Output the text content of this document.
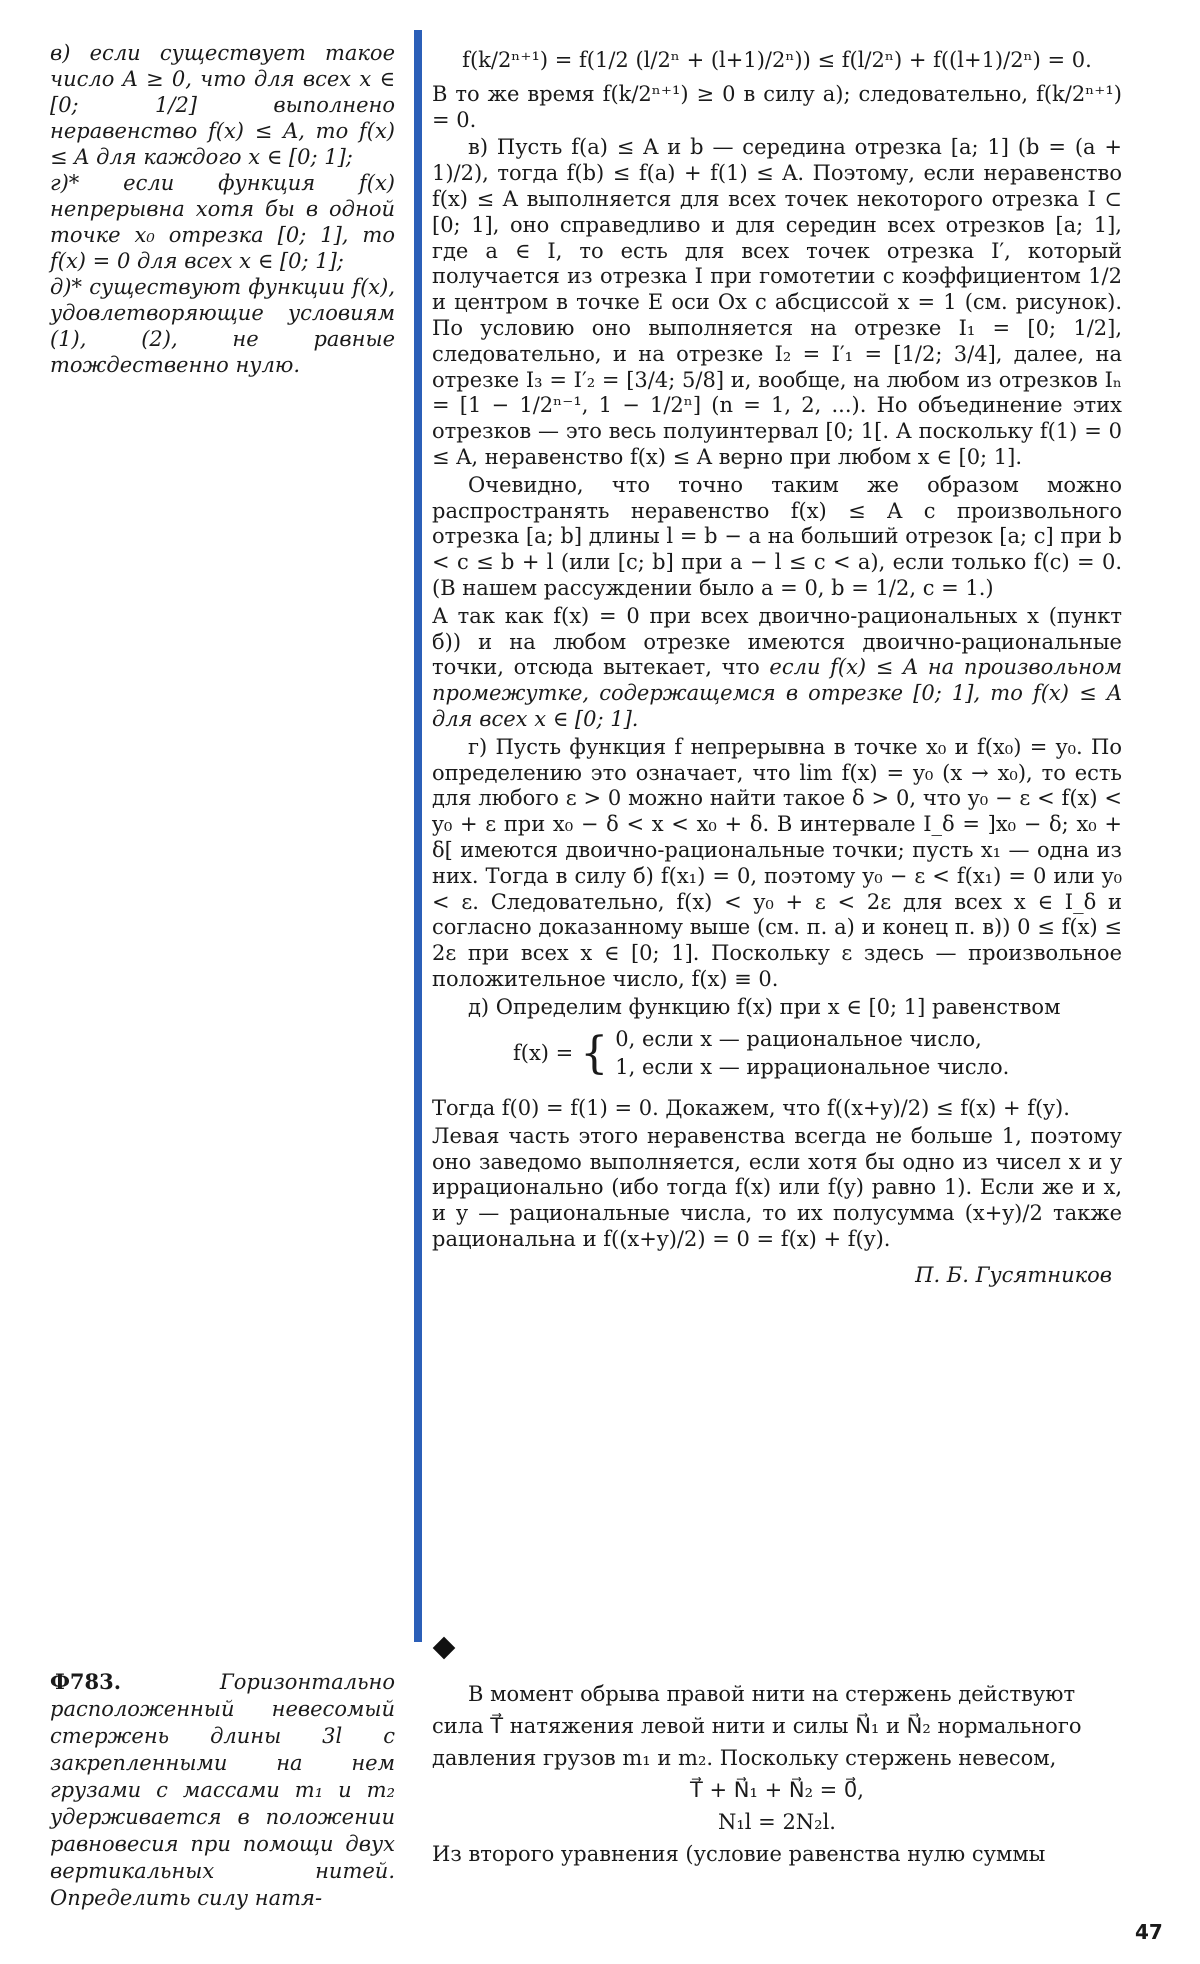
в) если существует такое число A ≥ 0, что для всех x ∈ [0; 1/2] выполнено неравенство f(x) ≤ A, то f(x) ≤ A для каждого x ∈ [0; 1];

г)* если функция f(x) непрерывна хотя бы в одной точке x₀ отрезка [0; 1], то f(x) = 0 для всех x ∈ [0; 1];

д)* существуют функции f(x), удовлетворяющие условиям (1), (2), не равные тождественно нулю.

f(k/2ⁿ⁺¹) = f(1/2 (l/2ⁿ + (l+1)/2ⁿ)) ≤ f(l/2ⁿ) + f((l+1)/2ⁿ) = 0.

В то же время f(k/2ⁿ⁺¹) ≥ 0 в силу а); следовательно, f(k/2ⁿ⁺¹) = 0.

в) Пусть f(a) ≤ A и b — середина отрезка [a; 1] (b = (a + 1)/2), тогда f(b) ≤ f(a) + f(1) ≤ A. Поэтому, если неравенство f(x) ≤ A выполняется для всех точек некоторого отрезка I ⊂ [0; 1], оно справедливо и для середин всех отрезков [a; 1], где a ∈ I, то есть для всех точек отрезка I′, который получается из отрезка I при гомотетии с коэффициентом 1/2 и центром в точке E оси Ox с абсциссой x = 1 (см. рисунок). По условию оно выполняется на отрезке I₁ = [0; 1/2], следовательно, и на отрезке I₂ = I′₁ = [1/2; 3/4], далее, на отрезке I₃ = I′₂ = [3/4; 5/8] и, вообще, на любом из отрезков Iₙ = [1 − 1/2ⁿ⁻¹, 1 − 1/2ⁿ] (n = 1, 2, ...). Но объединение этих отрезков — это весь полуинтервал [0; 1[. А поскольку f(1) = 0 ≤ A, неравенство f(x) ≤ A верно при любом x ∈ [0; 1].

Очевидно, что точно таким же образом можно распространять неравенство f(x) ≤ A с произвольного отрезка [a; b] длины l = b − a на больший отрезок [a; c] при b < c ≤ b + l (или [c; b] при a − l ≤ c < a), если только f(c) = 0. (В нашем рассуждении было a = 0, b = 1/2, c = 1.)

А так как f(x) = 0 при всех двоично-рациональных x (пункт б)) и на любом отрезке имеются двоично-рациональные точки, отсюда вытекает, что если f(x) ≤ A на произвольном промежутке, содержащемся в отрезке [0; 1], то f(x) ≤ A для всех x ∈ [0; 1].

г) Пусть функция f непрерывна в точке x₀ и f(x₀) = y₀. По определению это означает, что lim f(x) = y₀ (x → x₀), то есть для любого ε > 0 можно найти такое δ > 0, что y₀ − ε < f(x) < y₀ + ε при x₀ − δ < x < x₀ + δ. В интервале I_δ = ]x₀ − δ; x₀ + δ[ имеются двоично-рациональные точки; пусть x₁ — одна из них. Тогда в силу б) f(x₁) = 0, поэтому y₀ − ε < f(x₁) = 0 или y₀ < ε. Следовательно, f(x) < y₀ + ε < 2ε для всех x ∈ I_δ и согласно доказанному выше (см. п. а) и конец п. в)) 0 ≤ f(x) ≤ 2ε при всех x ∈ [0; 1]. Поскольку ε здесь — произвольное положительное число, f(x) ≡ 0.

д) Определим функцию f(x) при x ∈ [0; 1] равенством

f(x) =	{	0, если x — рациональное число,
1, если x — иррациональное число.

Тогда f(0) = f(1) = 0. Докажем, что f((x+y)/2) ≤ f(x) + f(y).

Левая часть этого неравенства всегда не больше 1, поэтому оно заведомо выполняется, если хотя бы одно из чисел x и y иррационально (ибо тогда f(x) или f(y) равно 1). Если же и x, и y — рациональные числа, то их полусумма (x+y)/2 также рациональна и f((x+y)/2) = 0 = f(x) + f(y).

П. Б. Гусятников

Ф783.	Горизонтально расположенный невесомый стержень длины 3l с закрепленными на нем грузами с массами m₁ и m₂ удерживается в положении равновесия при помощи двух вертикальных нитей. Определить силу натя-

В момент обрыва правой нити на стержень действуют сила T⃗ натяжения левой нити и силы N⃗₁ и N⃗₂ нормального давления грузов m₁ и m₂. Поскольку стержень невесом,

T⃗ + N⃗₁ + N⃗₂ = 0⃗,

N₁l = 2N₂l.

Из второго уравнения (условие равенства нулю суммы

47
